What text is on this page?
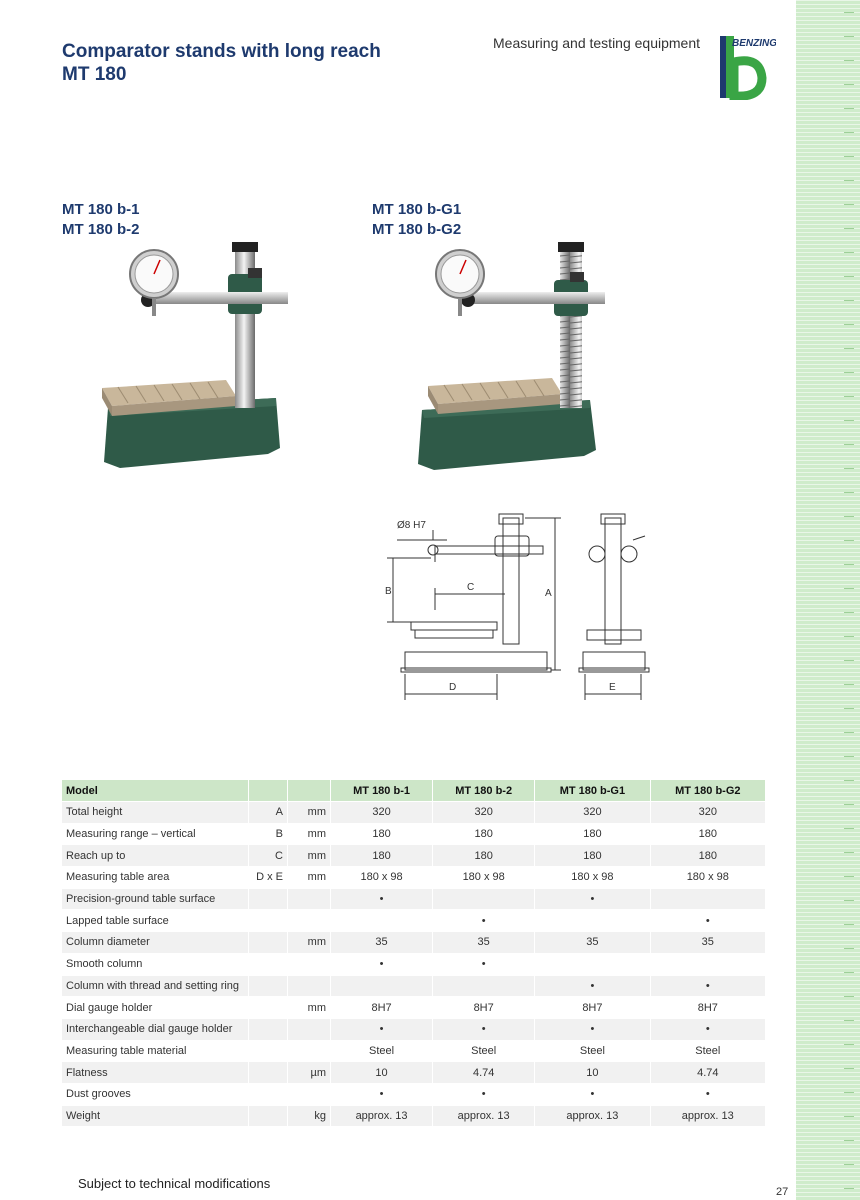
Comparator stands with long reach
MT 180
Measuring and testing equipment	BENZING
MT 180 b-1
MT 180 b-2
MT 180 b-G1
MT 180 b-G2
Ø8 H7
B	C
A
D	E
Model			MT 180 b-1	MT 180 b-2	MT 180 b-G1	MT 180 b-G2
Total height	A	mm	320	320	320	320
Measuring range – vertical	B	mm	180	180	180	180
Reach up to	C	mm	180	180	180	180
Measuring table area	D x E	mm	180 x 98	180 x 98	180 x 98	180 x 98
Precision-ground table surface			•		•	
Lapped table surface				•		•
Column diameter		mm	35	35	35	35
Smooth column			•	•		
Column with thread and setting ring					•	•
Dial gauge holder		mm	8H7	8H7	8H7	8H7
Interchangeable dial gauge holder			•	•	•	•
Measuring table material			Steel	Steel	Steel	Steel
Flatness		µm	10	4.74	10	4.74
Dust grooves			•	•	•	•
Weight		kg	approx. 13	approx. 13	approx. 13	approx. 13
Subject to technical modifications
27
